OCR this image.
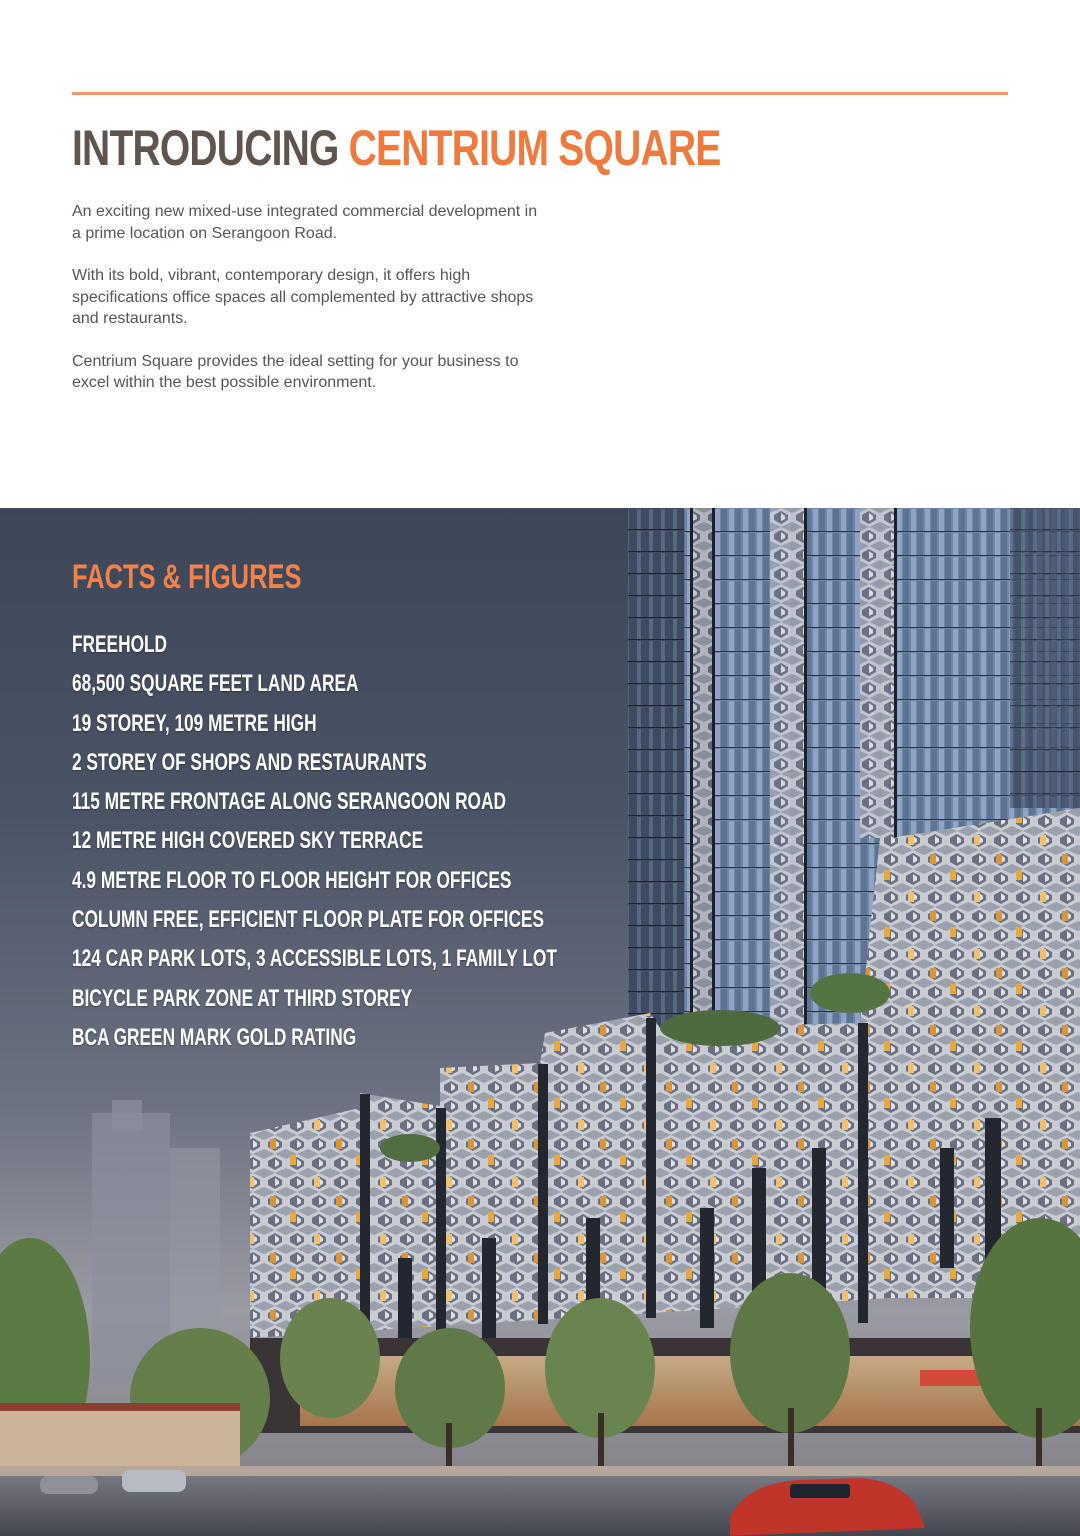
INTRODUCING CENTRIUM SQUARE

An exciting new mixed-use integrated commercial development in a prime location on Serangoon Road.

With its bold, vibrant, contemporary design, it offers high specifications office spaces all complemented by attractive shops and restaurants.

Centrium Square provides the ideal setting for your business to excel within the best possible environment.

FACTS & FIGURES
FREEHOLD
68,500 SQUARE FEET LAND AREA
19 STOREY, 109 METRE HIGH
2 STOREY OF SHOPS AND RESTAURANTS
115 METRE FRONTAGE ALONG SERANGOON ROAD
12 METRE HIGH COVERED SKY TERRACE
4.9 METRE FLOOR TO FLOOR HEIGHT FOR OFFICES
COLUMN FREE, EFFICIENT FLOOR PLATE FOR OFFICES
124 CAR PARK LOTS, 3 ACCESSIBLE LOTS, 1 FAMILY LOT
BICYCLE PARK ZONE AT THIRD STOREY
BCA GREEN MARK GOLD RATING
